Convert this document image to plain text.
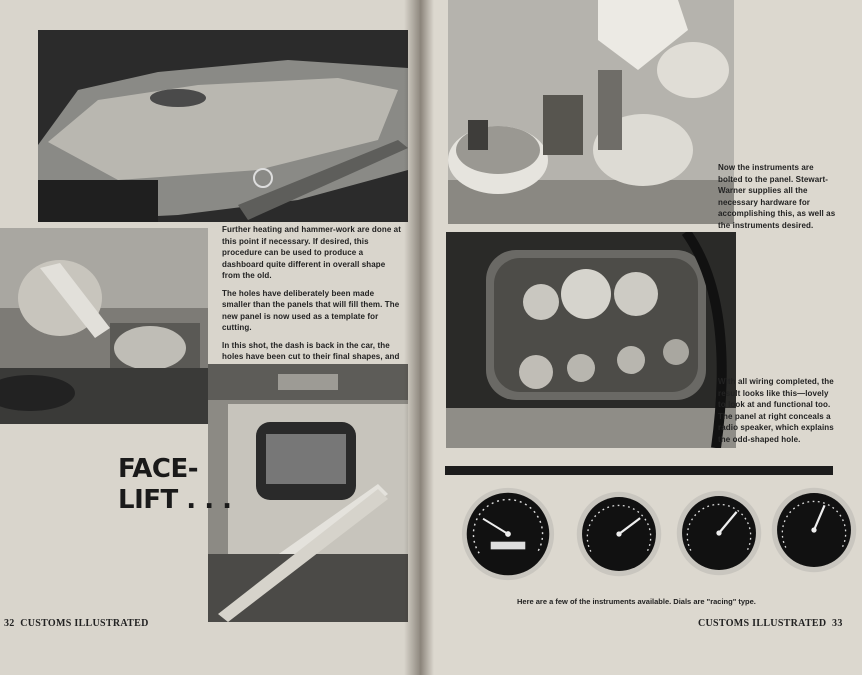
Further heating and hammer-work are done at this point if necessary. If desired, this procedure can be used to produce a dashboard quite different in overall shape from the old.

The holes have deliberately been made smaller than the panels that will fill them. The new panel is now used as a template for cutting.

In this shot, the dash is back in the car, the holes have been cut to their final shapes, and

FACE-
LIFT . . .
32 CUSTOMS ILLUSTRATED

Now the instruments are bolted to the panel. Stewart-Warner supplies all the necessary hardware for accomplishing this, as well as the instruments desired.

With all wiring completed, the result looks like this—lovely to look at and functional too. The panel at right conceals a radio speaker, which explains the odd-shaped hole.

Here are a few of the instruments available. Dials are "racing" type.
CUSTOMS ILLUSTRATED 33
